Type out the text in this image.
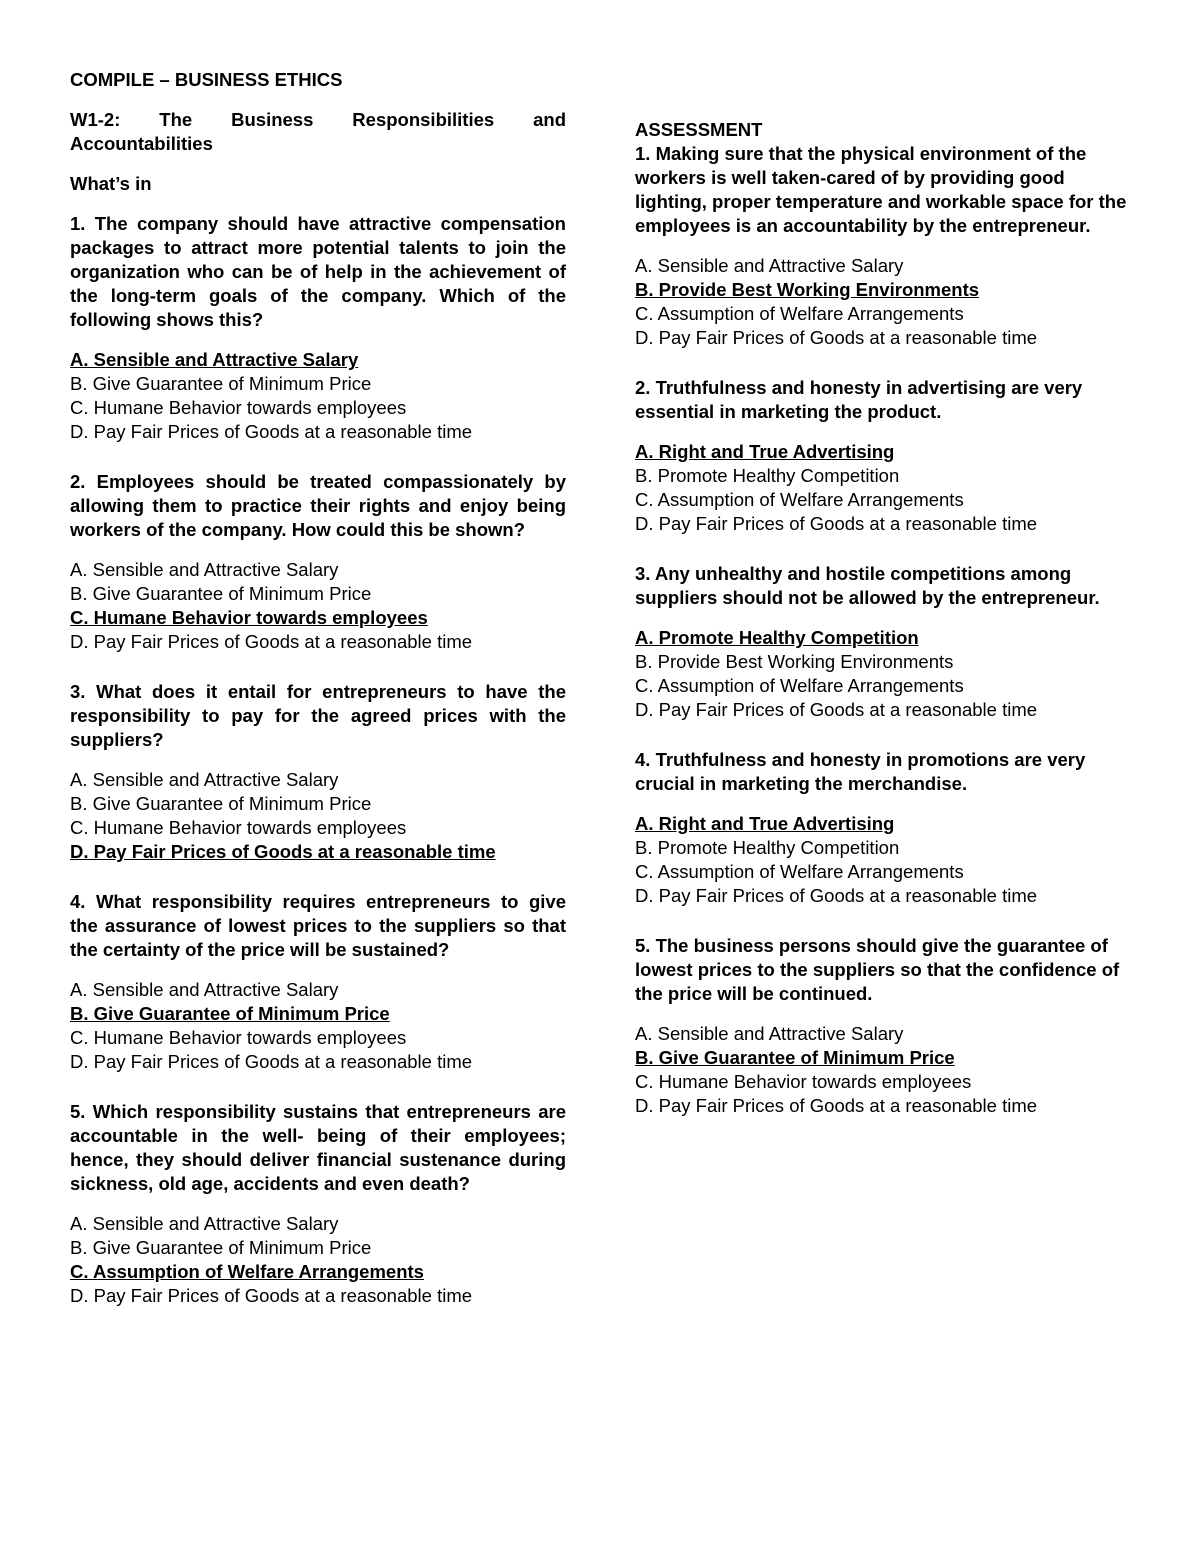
COMPILE – BUSINESS ETHICS
W1-2: The Business Responsibilities and Accountabilities
What’s in
1. The company should have attractive compensation packages to attract more potential talents to join the organization who can be of help in the achievement of the long-term goals of the company. Which of the following shows this?
A. Sensible and Attractive Salary
B. Give Guarantee of Minimum Price
C. Humane Behavior towards employees
D. Pay Fair Prices of Goods at a reasonable time
2. Employees should be treated compassionately by allowing them to practice their rights and enjoy being workers of the company. How could this be shown?
A. Sensible and Attractive Salary
B. Give Guarantee of Minimum Price
C. Humane Behavior towards employees
D. Pay Fair Prices of Goods at a reasonable time
3. What does it entail for entrepreneurs to have the responsibility to pay for the agreed prices with the suppliers?
A. Sensible and Attractive Salary
B. Give Guarantee of Minimum Price
C. Humane Behavior towards employees
D. Pay Fair Prices of Goods at a reasonable time
4. What responsibility requires entrepreneurs to give the assurance of lowest prices to the suppliers so that the certainty of the price will be sustained?
A. Sensible and Attractive Salary
B. Give Guarantee of Minimum Price
C. Humane Behavior towards employees
D. Pay Fair Prices of Goods at a reasonable time
5. Which responsibility sustains that entrepreneurs are accountable in the well- being of their employees; hence, they should deliver financial sustenance during sickness, old age, accidents and even death?
A. Sensible and Attractive Salary
B. Give Guarantee of Minimum Price
C. Assumption of Welfare Arrangements
D. Pay Fair Prices of Goods at a reasonable time
ASSESSMENT
1. Making sure that the physical environment of the workers is well taken-cared of by providing good lighting, proper temperature and workable space for the employees is an accountability by the entrepreneur.
A. Sensible and Attractive Salary
B. Provide Best Working Environments
C. Assumption of Welfare Arrangements
D. Pay Fair Prices of Goods at a reasonable time
2. Truthfulness and honesty in advertising are very essential in marketing the product.
A. Right and True Advertising
B. Promote Healthy Competition
C. Assumption of Welfare Arrangements
D. Pay Fair Prices of Goods at a reasonable time
3. Any unhealthy and hostile competitions among suppliers should not be allowed by the entrepreneur.
A. Promote Healthy Competition
B. Provide Best Working Environments
C. Assumption of Welfare Arrangements
D. Pay Fair Prices of Goods at a reasonable time
4. Truthfulness and honesty in promotions are very crucial in marketing the merchandise.
A. Right and True Advertising
B. Promote Healthy Competition
C. Assumption of Welfare Arrangements
D. Pay Fair Prices of Goods at a reasonable time
5. The business persons should give the guarantee of lowest prices to the suppliers so that the confidence of the price will be continued.
A. Sensible and Attractive Salary
B. Give Guarantee of Minimum Price
C. Humane Behavior towards employees
D. Pay Fair Prices of Goods at a reasonable time
